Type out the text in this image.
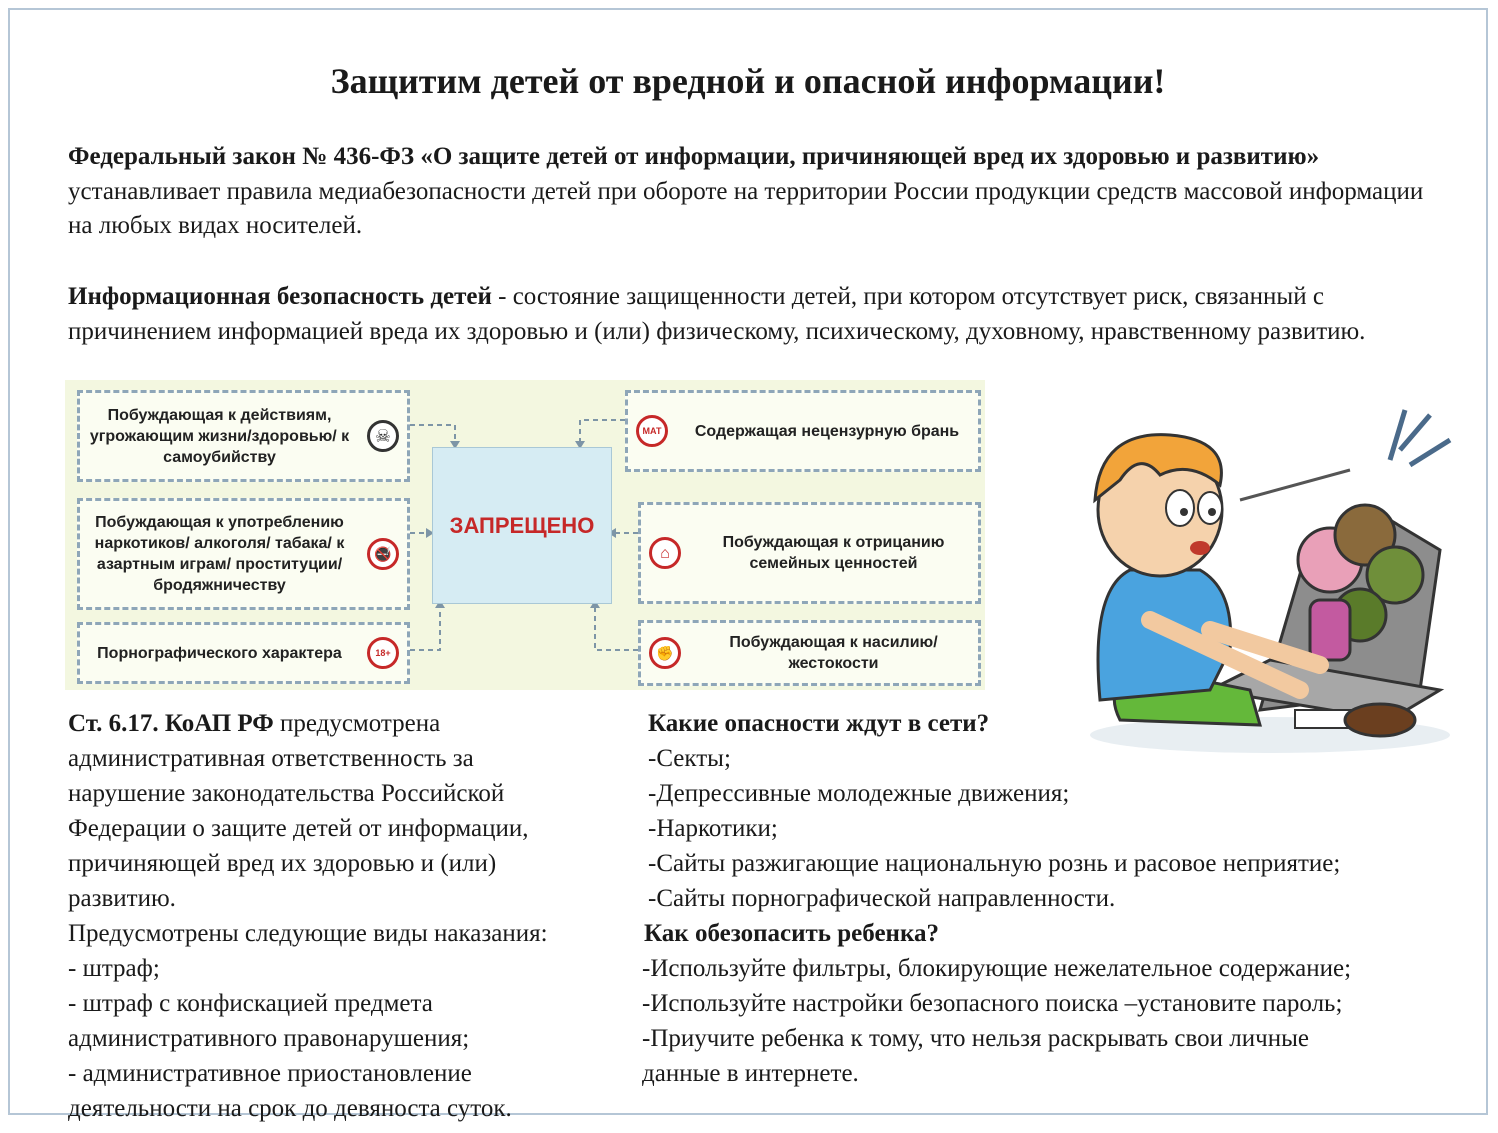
Защитим детей от вредной и опасной информации!
Федеральный закон № 436-ФЗ «О защите детей от информации, причиняющей вред их здоровью и развитию» устанавливает правила медиабезопасности детей при обороте на территории России продукции средств массовой информации на любых видах носителей.
Информационная безопасность детей - состояние защищенности детей, при котором отсутствует риск, связанный с причинением информацией вреда их здоровью и (или) физическому, психическому, духовному, нравственному развитию.
Побуждающая к действиям, угрожающим жизни/здоровью/ к самоубийству
☠
Побуждающая к употреблению наркотиков/ алкоголя/ табака/ к азартным играм/ проституции/ бродяжничеству
🚭
Порнографического характера	18+
ЗАПРЕЩЕНО
МАТ	Содержащая нецензурную брань
⌂
Побуждающая к отрицанию семейных ценностей
✊
Побуждающая к насилию/ жестокости
Ст. 6.17. КоАП РФ предусмотрена
административная ответственность за
нарушение законодательства Российской
Федерации о защите детей от информации,
причиняющей вред их здоровью и (или)
развитию.
Предусмотрены следующие виды наказания:
- штраф;
- штраф с конфискацией предмета
административного правонарушения;
- административное приостановление
деятельности на срок до девяноста суток.
Какие опасности ждут в сети?
-Секты;
-Депрессивные молодежные движения;
-Наркотики;
-Сайты разжигающие национальную рознь и расовое неприятие;
-Сайты порнографической направленности.
Как обезопасить ребенка?
-Используйте фильтры, блокирующие нежелательное содержание;
-Используйте настройки безопасного поиска –установите пароль;
-Приучите ребенка к тому, что нельзя раскрывать свои личные
данные в интернете.
